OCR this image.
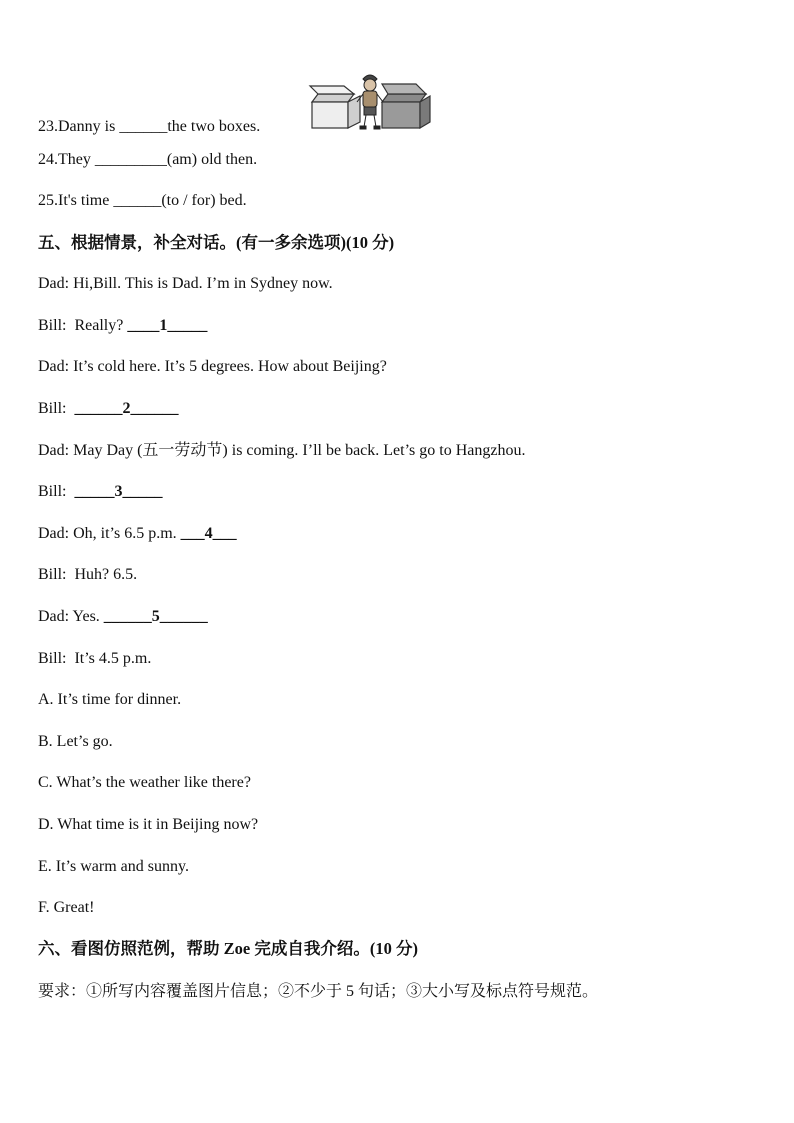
23.Danny is ______the two boxes.
24.They _________(am) old then.
25.It's time ______(to / for) bed.
五、根据情景，补全对话。(有一多余选项)(10 分)
Dad: Hi,Bill. This is Dad. I’m in Sydney now.
Bill: Really? ____1_____
Dad: It’s cold here. It’s 5 degrees. How about Beijing?
Bill: ______2______
Dad: May Day (五一劳动节) is coming. I’ll be back. Let’s go to Hangzhou.
Bill: _____3_____
Dad: Oh, it’s 6.5 p.m. ___4___
Bill: Huh? 6.5.
Dad: Yes. ______5______
Bill: It’s 4.5 p.m.
A. It’s time for dinner.
B. Let’s go.
C. What’s the weather like there?
D. What time is it in Beijing now?
E. It’s warm and sunny.
F. Great!
六、看图仿照范例，帮助 Zoe 完成自我介绍。(10 分)
要求：①所写内容覆盖图片信息；②不少于 5 句话；③大小写及标点符号规范。
